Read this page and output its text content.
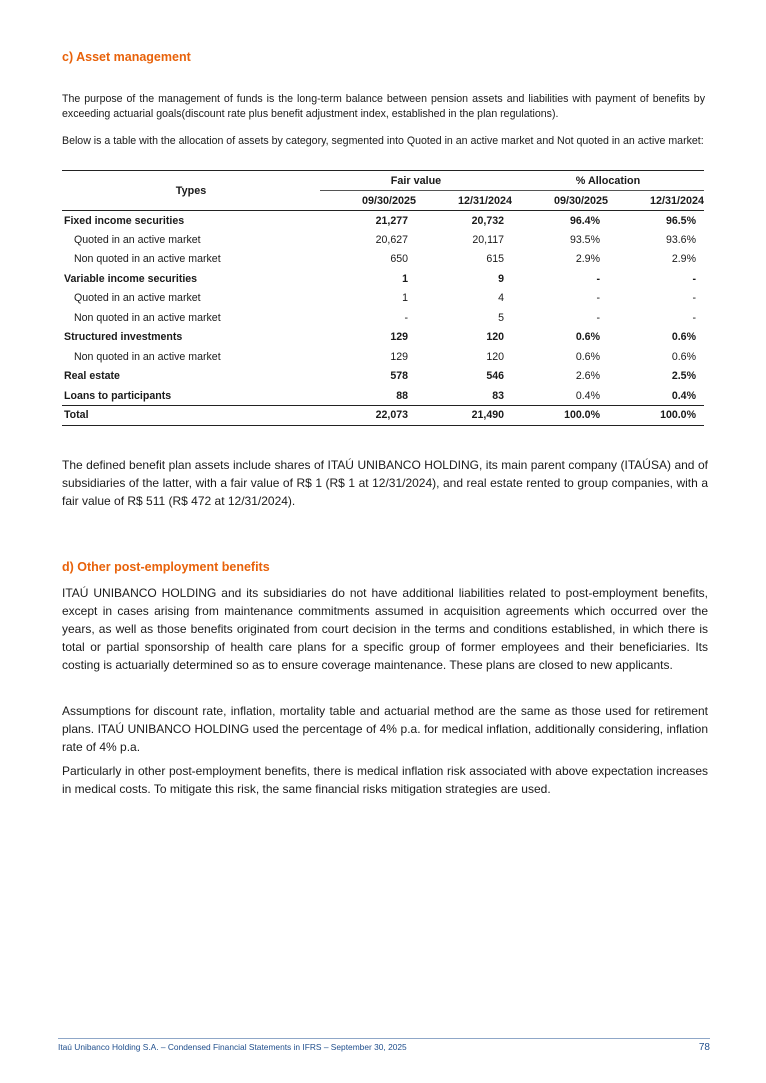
c) Asset management

The purpose of the management of funds is the long-term balance between pension assets and liabilities with payment of benefits by exceeding actuarial goals(discount rate plus benefit adjustment index, established in the plan regulations).

Below is a table with the allocation of assets by category, segmented into Quoted in an active market and Not quoted in an active market:

Types	Fair value		% Allocation	
	09/30/2025	12/31/2024	09/30/2025	12/31/2024
Fixed income securities	21,277	20,732	96.4%	96.5%
Quoted in an active market	20,627	20,117	93.5%	93.6%
Non quoted in an active market	650	615	2.9%	2.9%
Variable income securities	1	9	-	-
Quoted in an active market	1	4	-	-
Non quoted in an active market	-	5	-	-
Structured investments	129	120	0.6%	0.6%
Non quoted in an active market	129	120	0.6%	0.6%
Real estate	578	546	2.6%	2.5%
Loans to participants	88	83	0.4%	0.4%
Total	22,073	21,490	100.0%	100.0%

The defined benefit plan assets include shares of ITAÚ UNIBANCO HOLDING, its main parent company (ITAÚSA) and of subsidiaries of the latter, with a fair value of R$ 1 (R$ 1 at 12/31/2024), and real estate rented to group companies, with a fair value of R$ 511 (R$ 472 at 12/31/2024).

d) Other post-employment benefits

ITAÚ UNIBANCO HOLDING and its subsidiaries do not have additional liabilities related to post-employment benefits, except in cases arising from maintenance commitments assumed in acquisition agreements which occurred over the years, as well as those benefits originated from court decision in the terms and conditions established, in which there is total or partial sponsorship of health care plans for a specific group of former employees and their beneficiaries. Its costing is actuarially determined so as to ensure coverage maintenance. These plans are closed to new applicants.

Assumptions for discount rate, inflation, mortality table and actuarial method are the same as those used for retirement plans. ITAÚ UNIBANCO HOLDING used the percentage of 4% p.a. for medical inflation, additionally considering, inflation rate of 4% p.a.

Particularly in other post-employment benefits, there is medical inflation risk associated with above expectation increases in medical costs. To mitigate this risk, the same financial risks mitigation strategies are used.

Itaú Unibanco Holding S.A. – Condensed Financial Statements in IFRS – September 30, 2025	78
